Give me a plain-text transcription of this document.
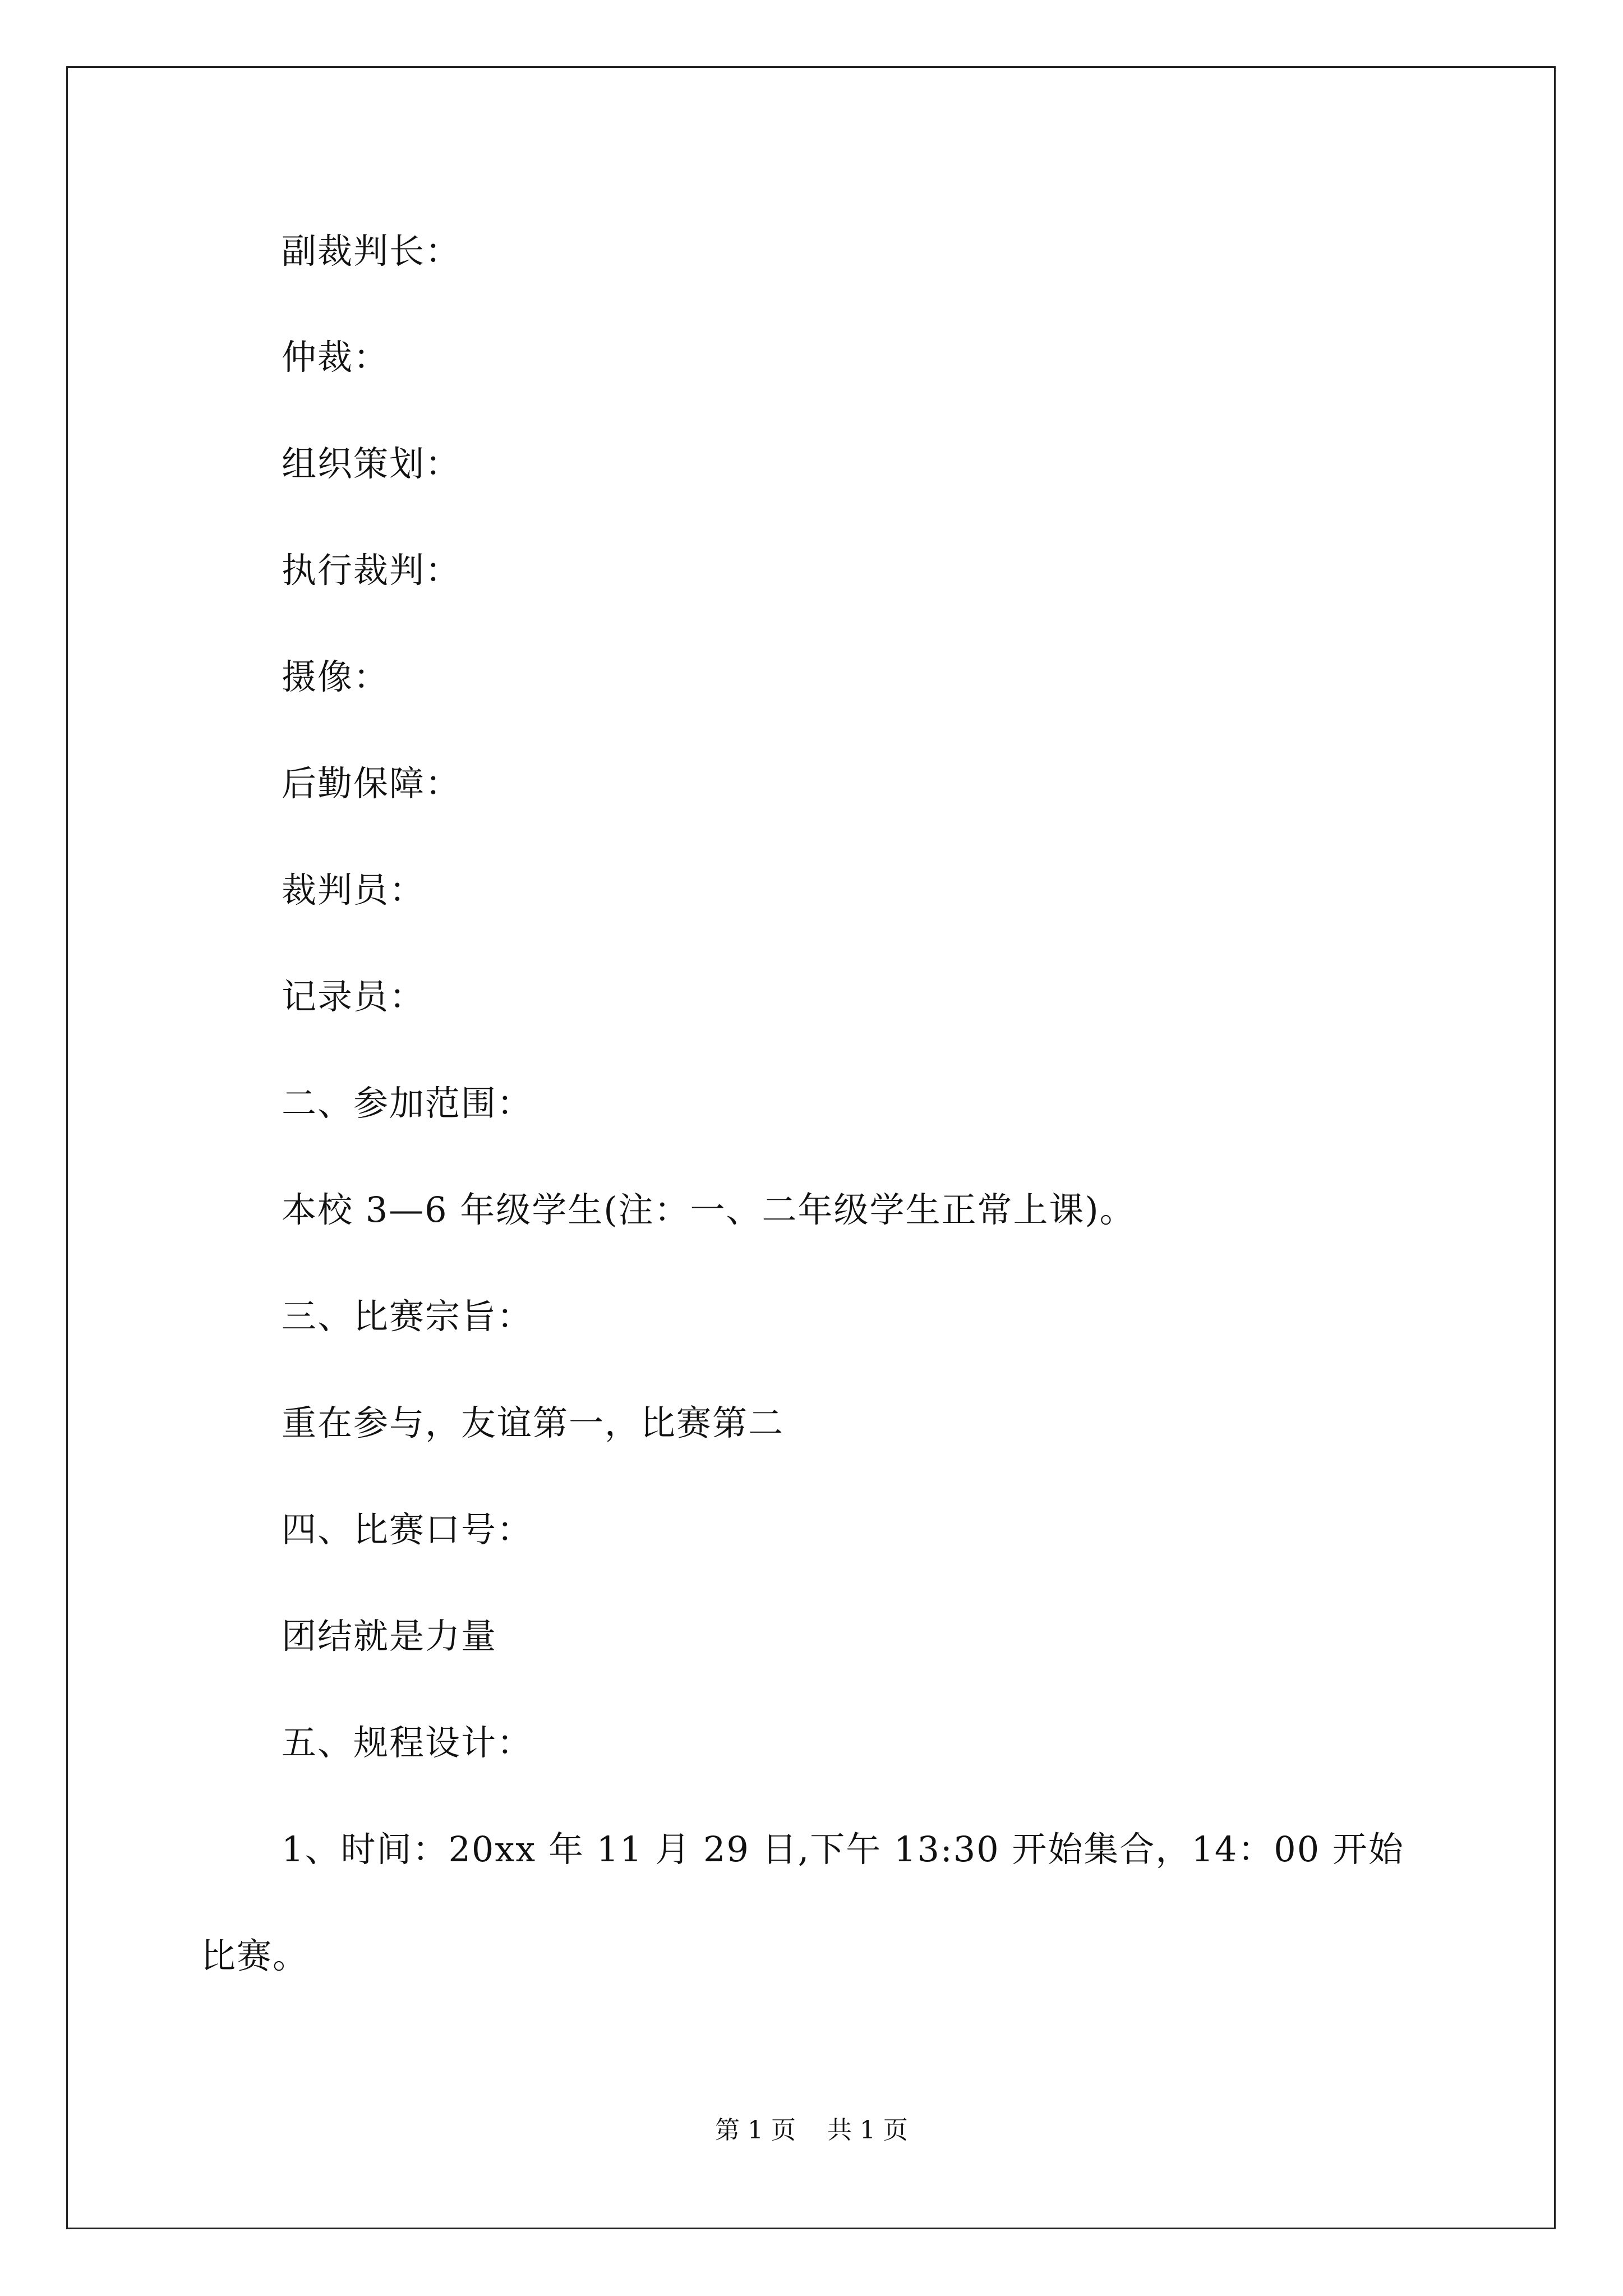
副裁判长：
仲裁：
组织策划：
执行裁判：
摄像：
后勤保障：
裁判员：
记录员：
二、参加范围：
本校 3—6 年级学生(注：一、二年级学生正常上课)。
三、比赛宗旨：
重在参与，友谊第一，比赛第二
四、比赛口号：
团结就是力量
五、规程设计：
1、时间：20xx 年 11 月 29 日,下午 13:30 开始集合，14：00 开始
比赛。
第 1 页    共 1 页
